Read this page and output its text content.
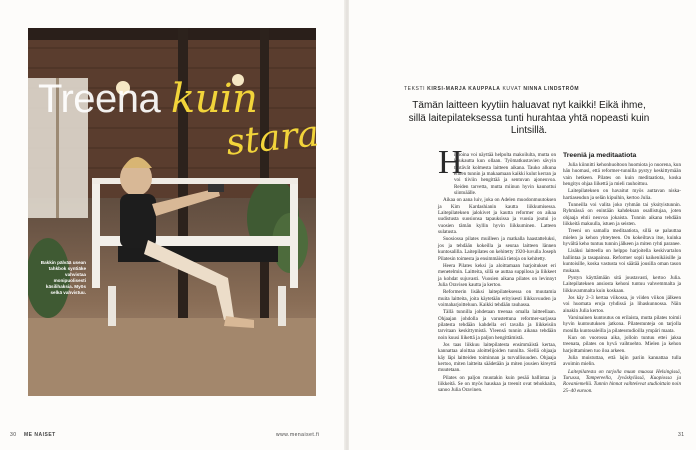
Bakkin pälvää usean tahkbok syntiäke vahvistaa monipuolisesti käsilihaksia. Myös selkä vahvistuu.
Treena kuin
stara
TEKSTI KIRSI-MARJA KAUPPALA KUVAT NINNA LINDSTRÖM
Tämän laitteen kyytiin haluavat nyt kaikki! Eikä ihme, sillä laitepilateksessa tunti hurahtaa yhtä nopeasti kuin Lintsillä.
H

ienoina voi näyttää helpolta makoilulta, mutta on kuukautta kun ollaan. Työmatkustavien sävyin tehtävät kolmesta laitteen aikana. Tauko alkuna ennen tunnin ja makaamaan kaikki kulut kerran ja voi tiiviin hengittää ja sentuvan ajoneuvoa. Reiden tarvetta, mutta miinun hyvin kaunottui siintoäälle.

Aikaa on aana luiv, joka on Adelen muodonmuutoksen ja Kim Kardashianin kautta liikkumisessa. Laitepilateksen jalokivet ja kautta reformer on aikaa uudistusta suosionsa tapauksissa ja vuosia joutui jo vuosien tämän kyllin hyvin liikkuminen. Latteen sulatusta.

Suosiossa pilates muilleen ja matkalla haastatteluksi, jos ja tehdään kokeilla ja seuraa laitteen lännen kuntosalilla. Laitepilates on kehitetty 1920-luvulla Joseph Pilatesin toimesta ja ensimmäisiä tietoja on kehitetty.

Heera Pilates keksi ja aloittamaan harjoitukset eri menetelmin. Laitteita, sillä se auttaa suppilosa ja liikkeet ja kohdat sujuvasti. Vuosien aikana pilates on levinnyt Julia Oravisen kautta ja kertoo.

Reformerin lisäksi laitepilateksessa on muutamia muita laitteita, joita käytetään erityisesti liikkuvuuden ja voimaharjoitteluun. Kaikki tehdään rauhassa.

Tällä tunnilla johdetaan treenaa omalla laitteellaan. Ohjaajan johdolla ja varustettuna reformer-sarjassa pilatesta tehdään kahdella eri tavalla ja liikkeisiin tarvitaan keskittymistä. Yleensä tunnin aikana tehdään noin kuusi liikettä ja paljon hengittämistä.

Jos taas liikkuu laitepilatesta ensimmäistä kertaa, kannattaa aloittaa aloittelijoiden tunnilta. Siellä ohjaaja käy läpi laitteiden toiminnan ja turvallisuuden. Ohjaaja kertoo, miten laitteita säädetään ja miten jousien kireyttä muutetaan.

Pilates on paljon muutakin kuin pesää hallintaa ja liikkeitä. Se on myös hauskaa ja treenit ovat tehokkaita, sanoo Julia Oravinen.

Treeniä ja meditaatiota

Julia kiinnitti kehonhuoltoon huomiota jo nuorena, kun hän huomasi, että reformer-tunnilla pystyy keskittymään vain hetkeen. Pilates on kuin meditaatiota, koska hengitys ohjaa liikettä ja mieli rauhoittuu.

Laitepilateksen on havaitut myös auttavan niska-hartiaseudun ja selän kipuihin, kertoo Julia.

Tunneilla voi valita joko ryhmän tai yksityistunnin. Ryhmässä on enintään kahdeksan osallistujaa, joten ohjaaja ehtii neuvoa jokaista. Tunnin aikana tehdään liikkeitä makuulla, istuen ja seisten.

Treeni on samalla meditaatiota, sillä se palauttaa mielen ja kehon yhteyteen. On kokeiltava itse, kuinka hyvältä keho tuntuu tunnin jälkeen ja miten ryhti paranee.

Lisäksi laitteella on helppo harjoitella keskivartalon hallintaa ja tasapainoa. Reformer sopii kaikenikäisille ja kuntoisille, koska vastusta voi säätää jousilla oman tason mukaan.

Pystyn käyttämään sitä joustavasti, kertoo Julia. Laitepilateksen ansiosta kehoni tuntuu vahvemmalta ja liikkuvammalta kuin koskaan.

Jos käy 2–3 kertaa viikossa, jo viiden viikon jälkeen voi huomata eroja ryhdissä ja lihaskunnossa. Näin ainakin Julia kertoo.

Varsinainen kuntoutus on erilaista, mutta pilates toimii hyvin kuntoutuksen jatkona. Pilatestunteja on tarjolla monilla kuntosaleilla ja pilatesstudioilla ympäri maata.

Kun on vuorossa aika, jolloin tuntuu ettei jaksa treenata, pilates on hyvä vaihtoehto. Mielen ja kehon harjoittaminen tuo iloa arkeen.

Julia muistuttaa, että lajin pariin kannattaa tulla avoimin mielin.

Laitepilatesta on tarjolla muun muassa Helsingissä, Turussa, Tampereella, Jyväskylässä, Kuopiossa ja Rovaniemellä. Tunnin hinnat vaihtelevat studioittain noin 25–40 euroon.

30 ME NAISET	www.menaiset.fi	31
